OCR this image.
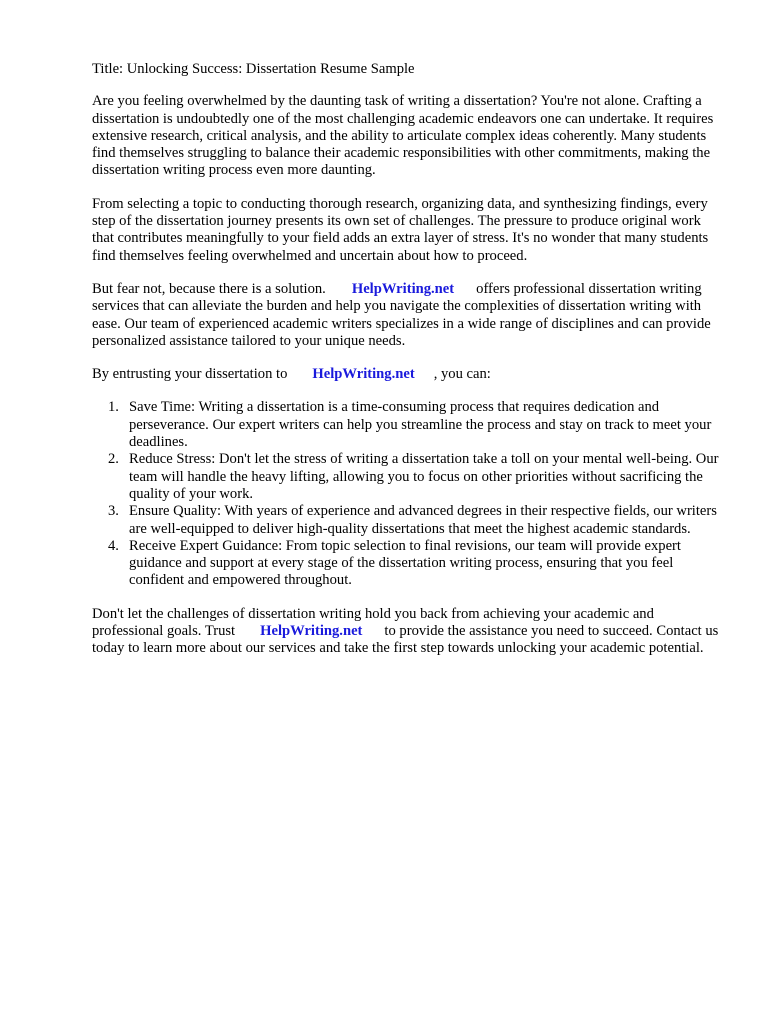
Title: Unlocking Success: Dissertation Resume Sample

Are you feeling overwhelmed by the daunting task of writing a dissertation? You're not alone. Crafting a dissertation is undoubtedly one of the most challenging academic endeavors one can undertake. It requires extensive research, critical analysis, and the ability to articulate complex ideas coherently. Many students find themselves struggling to balance their academic responsibilities with other commitments, making the dissertation writing process even more daunting.

From selecting a topic to conducting thorough research, organizing data, and synthesizing findings, every step of the dissertation journey presents its own set of challenges. The pressure to produce original work that contributes meaningfully to your field adds an extra layer of stress. It's no wonder that many students find themselves feeling overwhelmed and uncertain about how to proceed.

But fear not, because there is a solution. HelpWriting.net offers professional dissertation writing services that can alleviate the burden and help you navigate the complexities of dissertation writing with ease. Our team of experienced academic writers specializes in a wide range of disciplines and can provide personalized assistance tailored to your unique needs.

By entrusting your dissertation to HelpWriting.net , you can:

1. Save Time: Writing a dissertation is a time-consuming process that requires dedication and perseverance. Our expert writers can help you streamline the process and stay on track to meet your deadlines.
2. Reduce Stress: Don't let the stress of writing a dissertation take a toll on your mental well-being. Our team will handle the heavy lifting, allowing you to focus on other priorities without sacrificing the quality of your work.
3. Ensure Quality: With years of experience and advanced degrees in their respective fields, our writers are well-equipped to deliver high-quality dissertations that meet the highest academic standards.
4. Receive Expert Guidance: From topic selection to final revisions, our team will provide expert guidance and support at every stage of the dissertation writing process, ensuring that you feel confident and empowered throughout.

Don't let the challenges of dissertation writing hold you back from achieving your academic and professional goals. Trust HelpWriting.net to provide the assistance you need to succeed. Contact us today to learn more about our services and take the first step towards unlocking your academic potential.
